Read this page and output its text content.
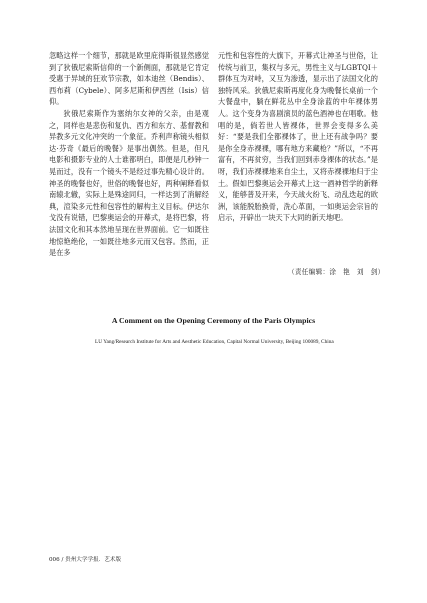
忽略这样一个细节，那就是欧里庇得斯很显然感觉到了狄俄尼索斯信仰的一个新侧面，那就是它肯定受惠于异域的狂欢节宗教，如本迪丝（Bendis）、西布莉（Cybele）、阿多尼斯和伊西丝（Isis）信仰。

狄俄尼索斯作为塞纳尔女神的父亲，由是观之，同样也是悲伤和复仇、西方和东方、基督教和异教多元文化冲突的一个象征。乔利声称镜头相似达·芬奇《最后的晚餐》是事出偶然。但是，但凡电影和摄影专业的人士谁都明白，即便是几秒钟一晃而过，没有一个镜头不是经过事先精心设计的。神圣的晚餐也好，世俗的晚餐也好，两种阐释看似南辕北辙，实际上是殊途同归，一样达到了消解经典，渲染多元性和包容性的解构主义目标。伊达尔戈没有说错，巴黎奥运会的开幕式，是将巴黎，将法国文化和其本然地呈现在世界面前。它一如既往地惊艳绝伦，一如既往地多元而又包容。然而，正是在多

元性和包容性的大旗下，开幕式让神圣与世俗，让传统与前卫，集权与多元，男性主义与LGBTQI＋群体互为对峙，又互为渗透，显示出了法国文化的独特风采。狄俄尼索斯再度化身为晚餐长桌前一个大餐盘中，躺在鲜花丛中全身涂蓝的中年裸体男人。这个变身为喜剧演员的蓝色酒神也在唱歌。他唱的是，倘若世人皆裸体，世界会变得多么美好：“要是我们全都裸体了，世上还有战争吗？要是你全身赤裸裸，哪有地方来藏枪？”所以，“不再富有，不再贫穷，当我们回到赤身裸体的状态。”是呀，我们赤裸裸地来自尘土，又将赤裸裸地归于尘土。假如巴黎奥运会开幕式上这一酒神哲学的新释义，能够普及开来，今天战火纷飞、动乱迭起的欧洲，该能脱胎换骨，洗心革面，一如奥运会宗旨的启示，开辟出一块天下大同的新天地吧。

（责任编辑：涂　艳　刘　剑）
A Comment on the Opening Ceremony of the Paris Olympics
LU Yang/Research Institute for Arts and Aesthetic Education, Capital Normal University, Beijing 100089, China
006 / 贵州大学学报．艺术版
